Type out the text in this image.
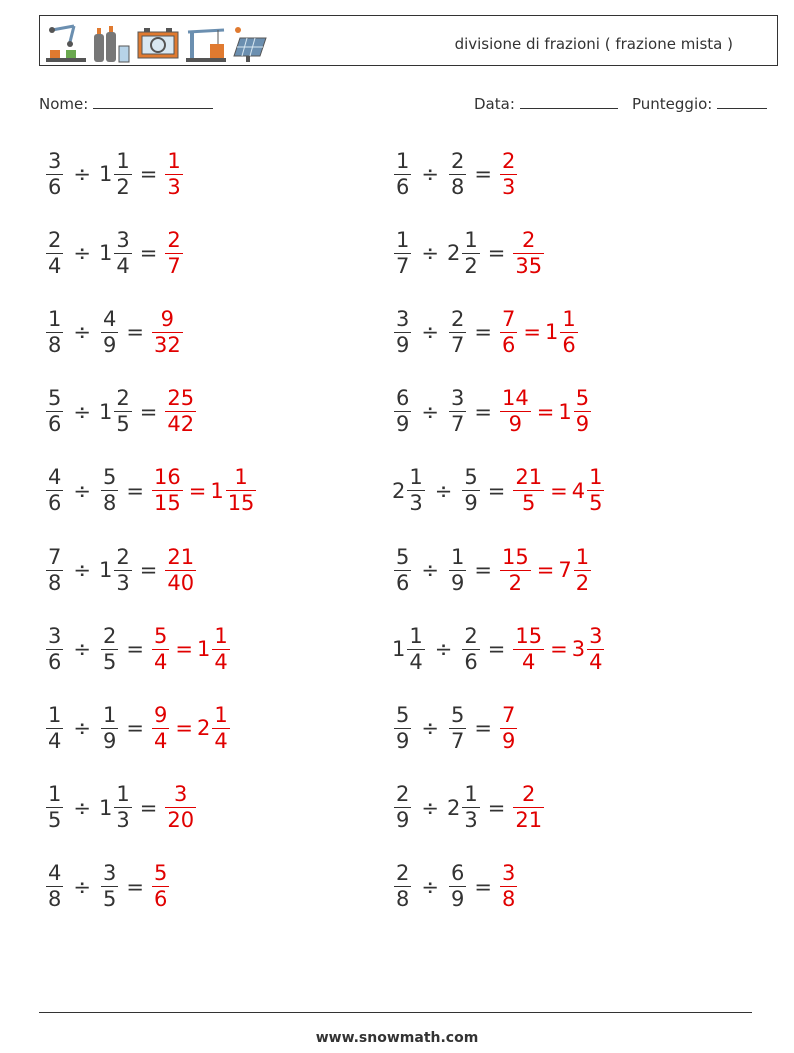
divisione di frazioni ( frazione mista )
Nome:	Data:	Punteggio:
$\frac{3}{6} \div 1 \frac{1}{2} = \frac{1}{3}$	$\frac{1}{6} \div \frac{2}{8} = \frac{2}{3}$
$\frac{2}{4} \div 1 \frac{3}{4} = \frac{2}{7}$	$\frac{1}{7} \div 2 \frac{1}{2} = \frac{2}{35}$
$\frac{1}{8} \div \frac{4}{9} = \frac{9}{32}$	$\frac{3}{9} \div \frac{2}{7} = \frac{7}{6} = 1 \frac{1}{6}$
$\frac{5}{6} \div 1 \frac{2}{5} = \frac{25}{42}$	$\frac{6}{9} \div \frac{3}{7} = \frac{14}{9} = 1 \frac{5}{9}$
$\frac{4}{6} \div \frac{5}{8} = \frac{16}{15} = 1 \frac{1}{15}$	$2 \frac{1}{3} \div \frac{5}{9} = \frac{21}{5} = 4 \frac{1}{5}$
$\frac{7}{8} \div 1 \frac{2}{3} = \frac{21}{40}$	$\frac{5}{6} \div \frac{1}{9} = \frac{15}{2} = 7 \frac{1}{2}$
$\frac{3}{6} \div \frac{2}{5} = \frac{5}{4} = 1 \frac{1}{4}$	$1 \frac{1}{4} \div \frac{2}{6} = \frac{15}{4} = 3 \frac{3}{4}$
$\frac{1}{4} \div \frac{1}{9} = \frac{9}{4} = 2 \frac{1}{4}$	$\frac{5}{9} \div \frac{5}{7} = \frac{7}{9}$
$\frac{1}{5} \div 1 \frac{1}{3} = \frac{3}{20}$	$\frac{2}{9} \div 2 \frac{1}{3} = \frac{2}{21}$
$\frac{4}{8} \div \frac{3}{5} = \frac{5}{6}$	$\frac{2}{8} \div \frac{6}{9} = \frac{3}{8}$
www.snowmath.com
